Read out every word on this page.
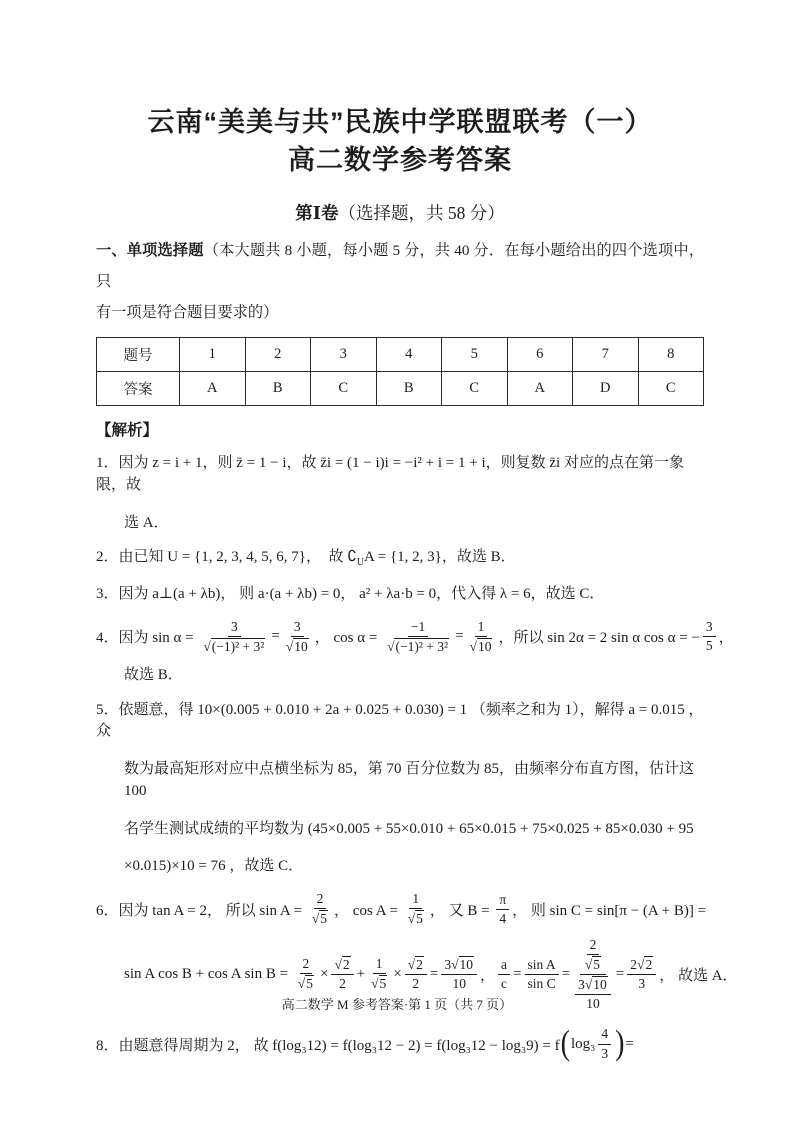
云南“美美与共”民族中学联盟联考（一）
高二数学参考答案
第Ⅰ卷（选择题，共 58 分）
一、单项选择题（本大题共 8 小题，每小题 5 分，共 40 分．在每小题给出的四个选项中，只
有一项是符合题目要求的）
题号	1	2	3	4	5	6	7	8
答案	A	B	C	B	C	A	D	C
【解析】
1．因为 z = i + 1，则 z̄ = 1 − i，故 z̄i = (1 − i)i = −i² + i = 1 + i，则复数 z̄i 对应的点在第一象限，故
选 A．
2．由已知 U = {1, 2, 3, 4, 5, 6, 7}，  故 $∁_UA = \{1$, 2, 3}，故选 B．
3．因为 a⊥(a + λb)， 则 a·(a + λb) = 0， a² + λa·b = 0，代入得 λ = 6，故选 C．
4． 因为 $\sin \alpha = \frac{3}{\text{√ (−1)² + 3²}} = \frac{3}{√ 10}$ ， $\cos \alpha = \frac{-1}{\text{√ (−1)² + 3²}} = \frac{1}{√ 10}$ ，所以 sin 2α = 2 sin α cos α = − $\frac{3}{5}$ ，
故选 B．
5．依题意，得 10×(0.005 + 0.010 + 2a + 0.025 + 0.030) = 1 （频率之和为 1），解得 a = 0.015 ，众
数为最高矩形对应中点横坐标为 85，第 70 百分位数为 85，由频率分布直方图，估计这 100
名学生测试成绩的平均数为 (45×0.005 + 55×0.010 + 65×0.015 + 75×0.025 + 85×0.030 + 95
×0.015)×10 = 76 ，故选 C．
6． 因为 tan A = 2， 所以 $\sin A = \frac{2}{√ 5}$ ， $\cos A = \frac{1}{√ 5}$ ， 又 $B = \frac{\pi}{4}$ ， 则 sin C = sin[π − (A + B)] =
sin A cos B + cos A $\sin B = \frac{2}{√ 5} \times \frac{√ 2}{2} + \frac{1}{√ 5} \times \frac{√ 2}{2} = \frac{3 √ 10}{10}$ ， $\frac{a}{c} = \frac{\text{sin A}}{\text{sin C}} = \frac{\frac{2}{√ 5}}{\frac{3 √ 10}{10}} = \frac{2 √ 2}{3}$ ， 故选 A．
8． 由题意得周期为 2， 故 f(log₃12) = f(log₃12 − 2) = f(log₃12 − log₃9) = f ( $\log_3 \frac{4}{3}$ ) =
高二数学 M 参考答案·第 1 页（共 7 页）
